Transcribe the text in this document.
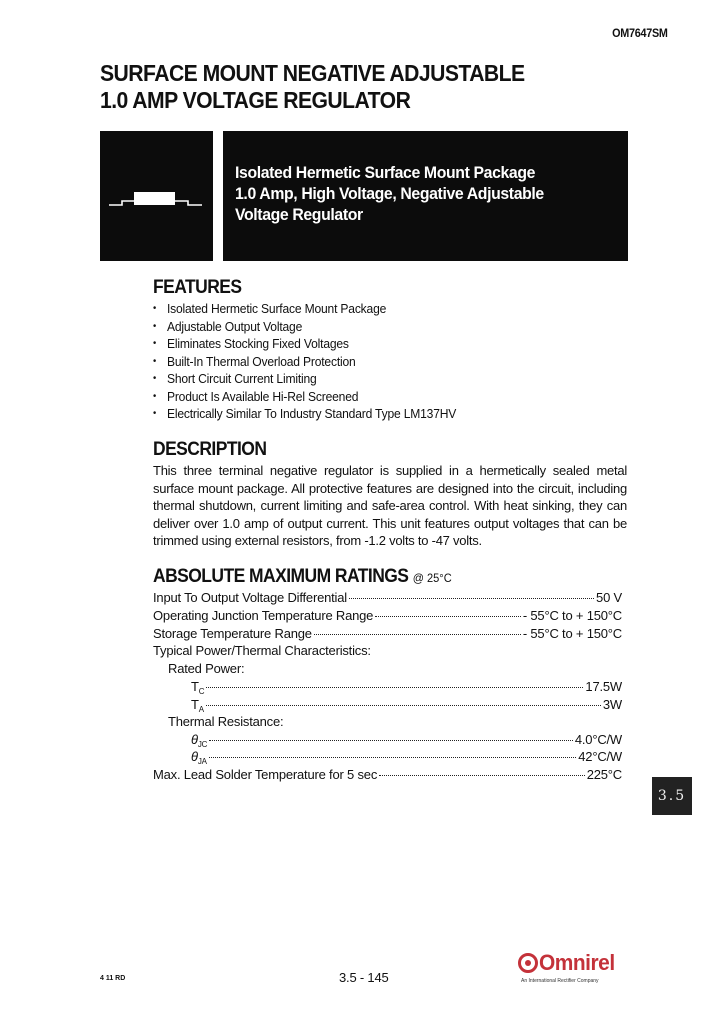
OM7647SM
SURFACE MOUNT NEGATIVE ADJUSTABLE
1.0 AMP VOLTAGE REGULATOR
Isolated Hermetic Surface Mount Package
1.0 Amp, High Voltage, Negative Adjustable
Voltage Regulator
FEATURES
• Isolated Hermetic Surface Mount Package
• Adjustable Output Voltage
• Eliminates Stocking Fixed Voltages
• Built-In Thermal Overload Protection
• Short Circuit Current Limiting
• Product Is Available Hi-Rel Screened
• Electrically Similar To Industry Standard Type LM137HV
DESCRIPTION

This three terminal negative regulator is supplied in a hermetically sealed metal surface mount package. All protective features are designed into the circuit, including thermal shutdown, current limiting and safe-area control. With heat sinking, they can deliver over 1.0 amp of output current. This unit features output voltages that can be trimmed using external resistors, from -1.2 volts to -47 volts.

ABSOLUTE MAXIMUM RATINGS @ 25°C
Input To Output Voltage Differential	50 V
Operating Junction Temperature Range	- 55°C to + 150°C
Storage Temperature Range	- 55°C to + 150°C
Typical Power/Thermal Characteristics:
Rated Power:
$T_C$	17.5W
$T_A$	3W
Thermal Resistance:
$\theta_{JC}$	4.0°C/W
$\theta_{JA}$	42°C/W
Max. Lead Solder Temperature for 5 sec	225°C
3.5
4 11 RD	3.5 - 145
Omnirel
An International Rectifier Company
